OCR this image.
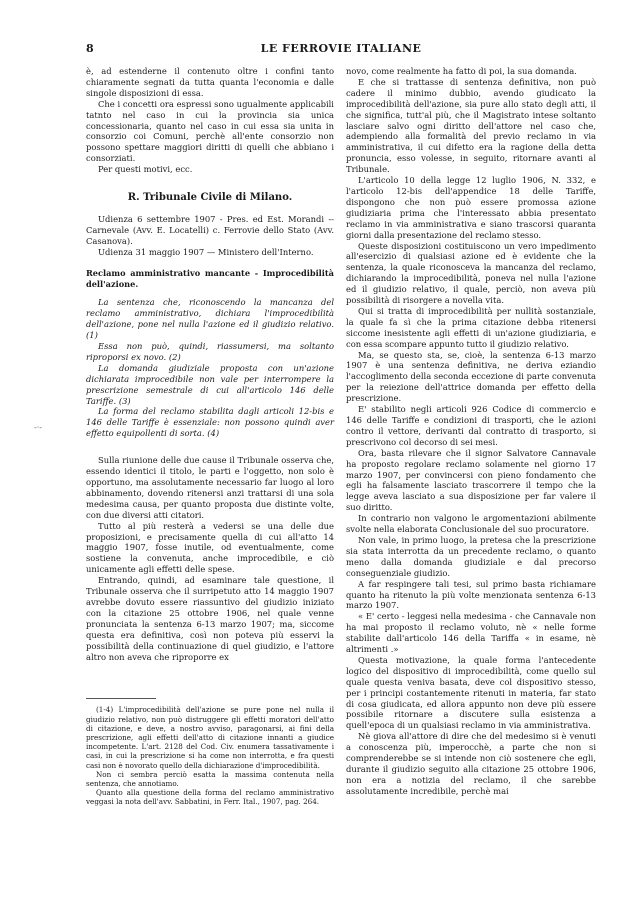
8	LE FERROVIE ITALIANE
-·-

è, ad estenderne il contenuto oltre i confini tanto chiaramente segnati da tutta quanta l'economia e dalle singole disposizioni di essa.

Che i concetti ora espressi sono ugualmente applicabili tatnto nel caso in cui la provincia sia unica concessionaria, quanto nel caso in cui essa sia unita in consorzio coi Comuni, perchè all'ente consorzio non possono spettare maggiori diritti di quelli che abbiano i consorziati.

Per questi motivi, ecc.

R. Tribunale Civile di Milano.

Udienza 6 settembre 1907 - Pres. ed Est. Morandi -- Carnevale (Avv. E. Locatelli) c. Ferrovie dello Stato (Avv. Casanova).

Udienza 31 maggio 1907 — Ministero dell'Interno.

Reclamo amministrativo mancante - Improcedibilità dell'azione.

La sentenza che, riconoscendo la mancanza del reclamo amministrativo, dichiara l'improcedibilità dell'azione, pone nel nulla l'azione ed il giudizio relativo. (1)

Essa non può, quindi, riassumersi, ma soltanto riproporsi ex novo. (2)

La domanda giudiziale proposta con un'azione dichiarata improcedibile non vale per interrompere la prescrizione semestrale di cui all'articolo 146 delle Tariffe. (3)

La forma del reclamo stabilita dagli articoli 12-bis e 146 delle Tariffe è essenziale: non possono quindi aver effetto equipollenti di sorta. (4)

Sulla riunione delle due cause il Tribunale osserva che, essendo identici il titolo, le parti e l'oggetto, non solo è opportuno, ma assolutamente necessario far luogo al loro abbinamento, dovendo ritenersi anzi trattarsi di una sola medesima causa, per quanto proposta due distinte volte, con due diversi atti citatori.

Tutto al più resterà a vedersi se una delle due proposizioni, e precisamente quella di cui all'atto 14 maggio 1907, fosse inutile, od eventualmente, come sostiene la convenuta, anche improcedibile, e ciò unicamente agli effetti delle spese.

Entrando, quindi, ad esaminare tale questione, il Tribunale osserva che il surripetuto atto 14 maggio 1907 avrebbe dovuto essere riassuntivo del giudizio iniziato con la citazione 25 ottobre 1906, nel quale venne pronunciata la sentenza 6-13 marzo 1907; ma, siccome questa era definitiva, così non poteva più esservi la possibilità della continuazione di quel giudizio, e l'attore altro non aveva che riproporre ex

(1-4) L'improcedibilità dell'azione se pure pone nel nulla il giudizio relativo, non può distruggere gli effetti moratori dell'atto di citazione, e deve, a nostro avviso, paragonarsi, ai fini della prescrizione, agli effetti dell'atto di citazione innanti a giudice incompetente. L'art. 2128 del Cod. Civ. enumera tassativamente i casi, in cui la prescrizione si ha come non interrotta, e fra questi casi non è novorato quello della dichiarazione d'improcedibilità.

Non ci sembra perciò esatta la massima contenuta nella sentenza, che annotiamo.

Quanto alla questione della forma del reclamo amministrativo veggasi la nota dell'avv. Sabbatini, in Ferr. Ital., 1907, pag. 264.

novo, come realmente ha fatto di poi, la sua domanda.

E che si trattasse di sentenza definitiva, non può cadere il minimo dubbio, avendo giudicato la improcedibilità dell'azione, sia pure allo stato degli atti, il che significa, tutt'al più, che il Magistrato intese soltanto lasciare salvo ogni diritto dell'attore nel caso che, adempiendo alla formalità del previo reclamo in via amministrativa, il cui difetto era la ragione della detta pronuncia, esso volesse, in seguito, ritornare avanti al Tribunale.

L'articolo 10 della legge 12 luglio 1906, N. 332, e l'articolo 12-bis dell'appendice 18 delle Tariffe, dispongono che non può essere promossa azione giudiziaria prima che l'interessato abbia presentato reclamo in via amministrativa e siano trascorsi quaranta giorni dalla presentazione del reclamo stesso.

Queste disposizioni costituiscono un vero impedimento all'esercizio di qualsiasi azione ed è evidente che la sentenza, la quale riconosceva la mancanza del reclamo, dichiarando la improcedibilità, poneva nel nulla l'azione ed il giudizio relativo, il quale, perciò, non aveva più possibilità di risorgere a novella vita.

Qui si tratta di improcedibilità per nullità sostanziale, la quale fa sì che la prima citazione debba ritenersi siccome inesistente agli effetti di un'azione giudiziaria, e con essa scompare appunto tutto il giudizio relativo.

Ma, se questo sta, se, cioè, la sentenza 6-13 marzo 1907 è una sentenza definitiva, ne deriva eziandio l'accoglimento della seconda eccezione di parte convenuta per la reiezione dell'attrice domanda per effetto della prescrizione.

E' stabilito negli articoli 926 Codice di commercio e 146 delle Tariffe e condizioni di trasporti, che le azioni contro il vettore, derivanti dal contratto di trasporto, si prescrivono col decorso di sei mesi.

Ora, basta rilevare che il signor Salvatore Cannavale ha proposto regolare reclamo solamente nel giorno 17 marzo 1907, per convincersi con pieno fondamento che egli ha falsamente lasciato trascorrere il tempo che la legge aveva lasciato a sua disposizione per far valere il suo diritto.

In contrario non valgono le argomentazioni abilmente svolte nella elaborata Conclusionale del suo procuratore.

Non vale, in primo luogo, la pretesa che la prescrizione sia stata interrotta da un precedente reclamo, o quanto meno dalla domanda giudiziale e dal precorso conseguenziale giudizio.

A far respingere tali tesi, sul primo basta richiamare quanto ha ritenuto la più volte menzionata sentenza 6-13 marzo 1907.

« E' certo - leggesi nella medesima - che Cannavale non ha mai proposto il reclamo voluto, nè « nelle forme stabilite dall'articolo 146 della Tariffa « in esame, nè altrimenti .»

Questa motivazione, la quale forma l'antecedente logico del dispositivo di improcedibilità, come quello sul quale questa veniva basata, deve col dispositivo stesso, per i principi costantemente ritenuti in materia, far stato di cosa giudicata, ed allora appunto non deve più essere possibile ritornare a discutere sulla esistenza a quell'epoca di un qualsiasi reclamo in via amministrativa.

Nè giova all'attore di dire che del medesimo si è venuti a conoscenza più, imperocchè, a parte che non si comprenderebbe se si intende non ciò sostenere che egli, durante il giudizio seguito alla citazione 25 ottobre 1906, non era a notizia del reclamo, il che sarebbe assolutamente incredibile, perchè mai
